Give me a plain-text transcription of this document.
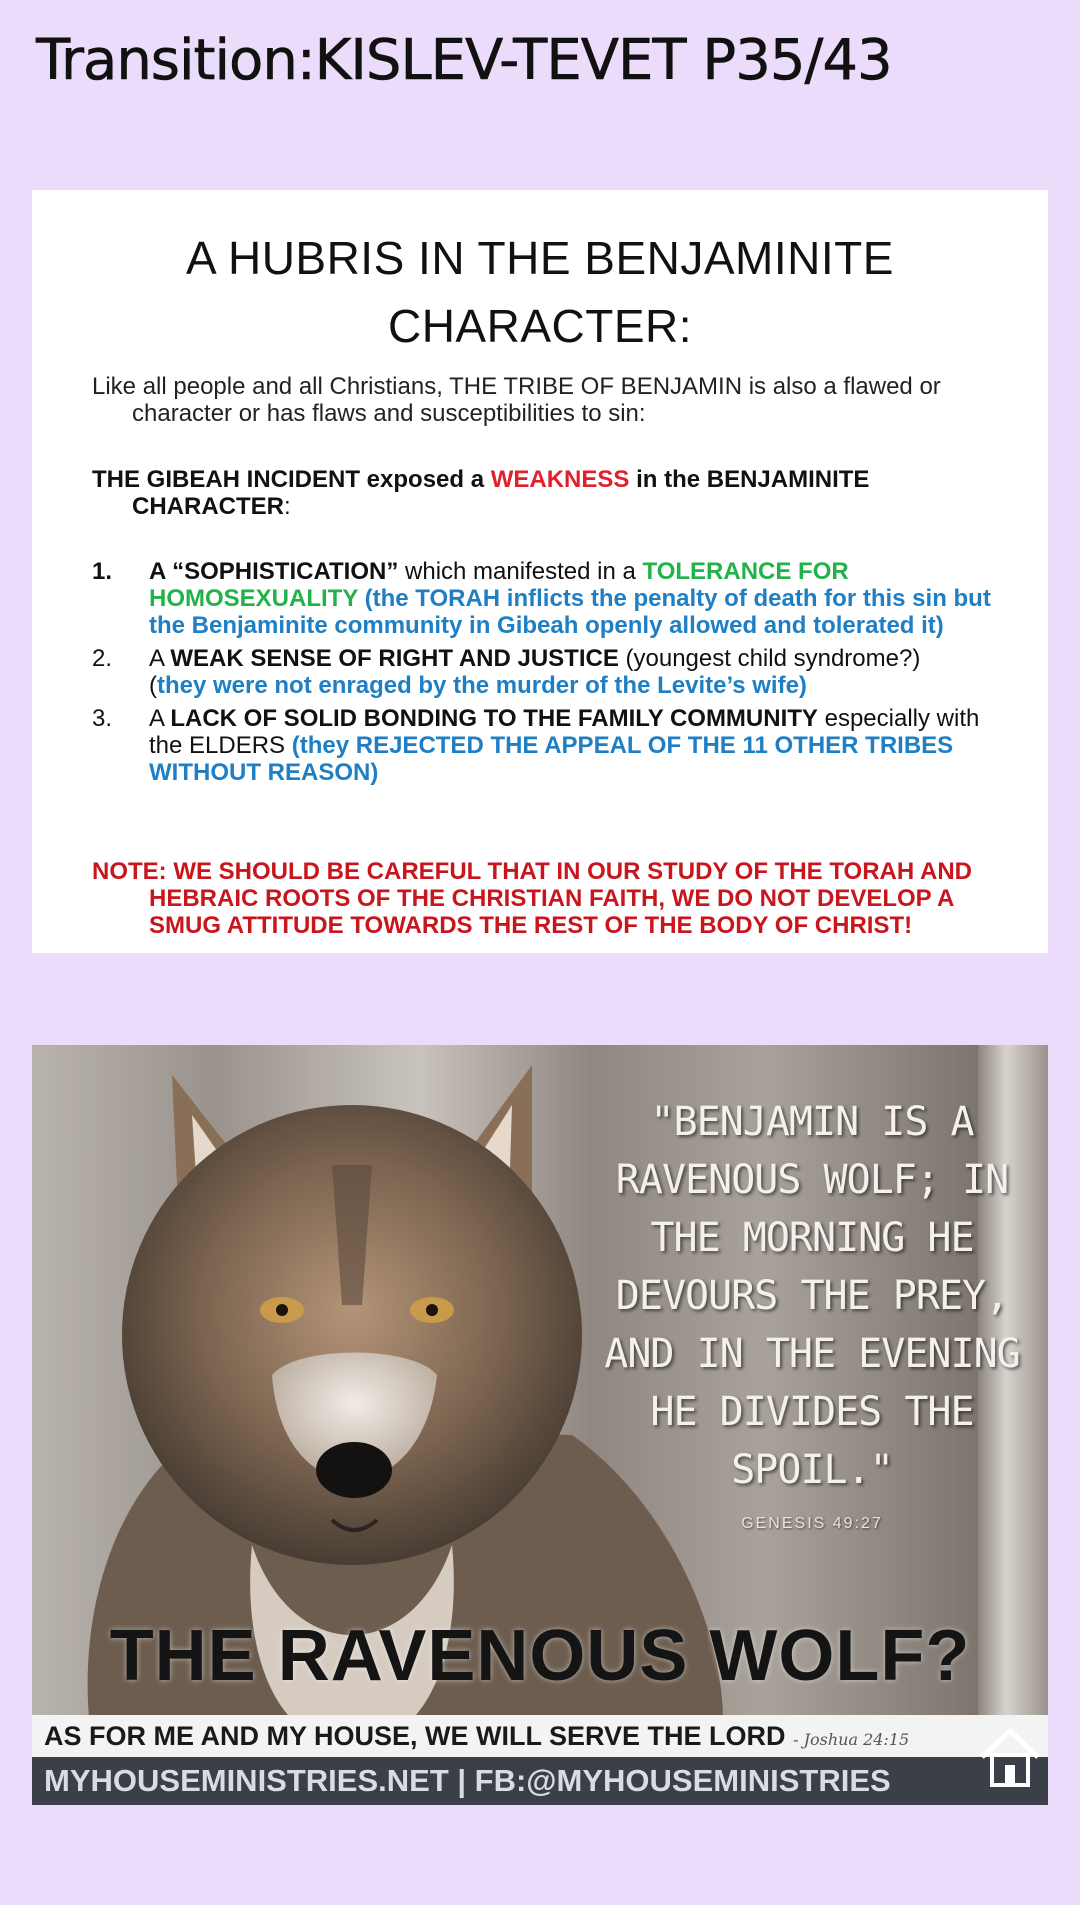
Transition:KISLEV-TEVET P35/43
A HUBRIS IN THE BENJAMINITE
CHARACTER:

Like all people and all Christians, THE TRIBE OF BENJAMIN is also a flawed or character or has flaws and susceptibilities to sin:

THE GIBEAH INCIDENT exposed a WEAKNESS in the BENJAMINITE CHARACTER:

1.	A “SOPHISTICATION” which manifested in a TOLERANCE FOR HOMOSEXUALITY (the TORAH inflicts the penalty of death for this sin but the Benjaminite community in Gibeah openly allowed and tolerated it)
2.	A WEAK SENSE OF RIGHT AND JUSTICE (youngest child syndrome?)
(they were not enraged by the murder of the Levite’s wife)
3.	A LACK OF SOLID BONDING TO THE FAMILY COMMUNITY especially with the ELDERS (they REJECTED THE APPEAL OF THE 11 OTHER TRIBES WITHOUT REASON)

NOTE: WE SHOULD BE CAREFUL THAT IN OUR STUDY OF THE TORAH AND HEBRAIC ROOTS OF THE CHRISTIAN FAITH, WE DO NOT DEVELOP A SMUG ATTITUDE TOWARDS THE REST OF THE BODY OF CHRIST!

"BENJAMIN IS A RAVENOUS WOLF; IN THE MORNING HE DEVOURS THE PREY, AND IN THE EVENING HE DIVIDES THE SPOIL."
GENESIS 49:27
THE RAVENOUS WOLF?
AS FOR ME AND MY HOUSE, WE WILL SERVE THE LORD - Joshua 24:15
MYHOUSEMINISTRIES.NET | FB:@MYHOUSEMINISTRIES
